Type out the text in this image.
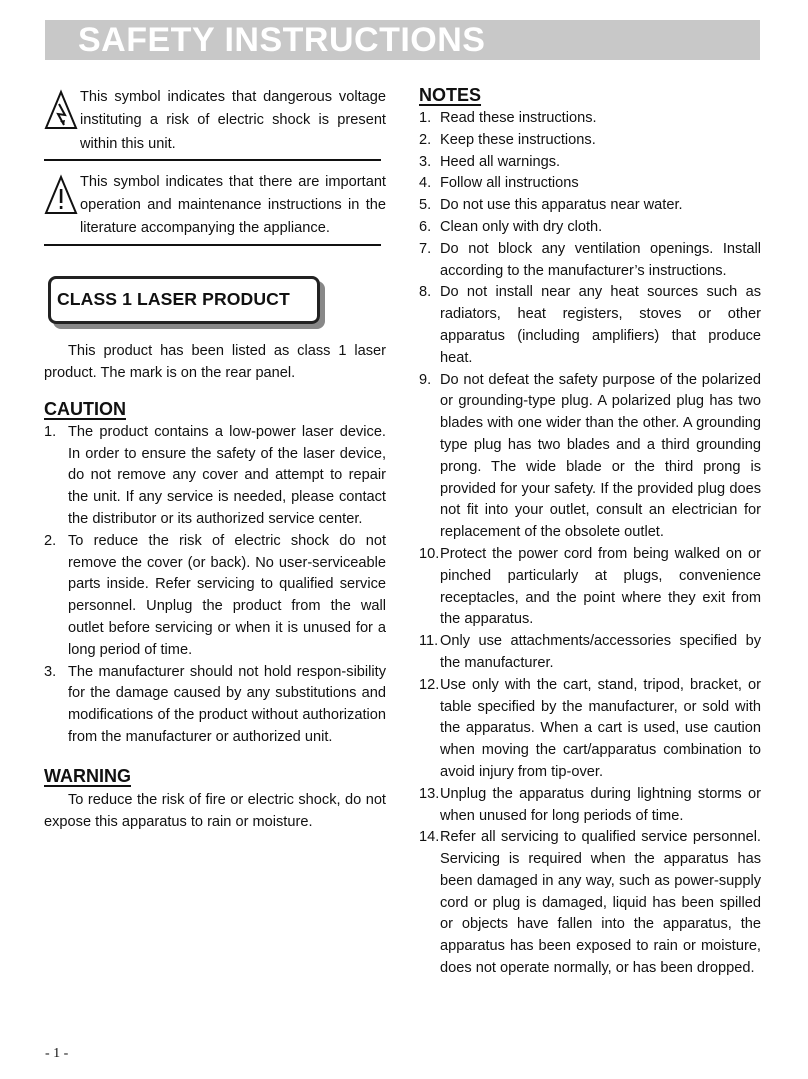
SAFETY INSTRUCTIONS
This symbol indicates that dangerous voltage instituting a risk of electric shock is present within this unit.
This symbol indicates that there are important operation and maintenance instructions in the literature accompanying the appliance.
CLASS 1 LASER PRODUCT

This product has been listed as class 1 laser product. The mark is on the rear panel.

CAUTION
1. The product contains a low-power laser device. In order to ensure the safety of the laser device, do not remove any cover and attempt to repair the unit. If any service is needed, please contact the distributor or its authorized service center.
2. To reduce the risk of electric shock do not remove the cover (or back). No user-serviceable parts inside. Refer servicing to qualified service personnel. Unplug the product from the wall outlet before servicing or when it is unused for a long period of time.
3. The manufacturer should not hold respon-sibility for the damage caused by any substitutions and modifications of the product without authorization from the manufacturer or authorized unit.
WARNING

To reduce the risk of fire or electric shock, do not expose this apparatus to rain or moisture.

NOTES
1. Read these instructions.
2. Keep these instructions.
3. Heed all warnings.
4. Follow all instructions
5. Do not use this apparatus near water.
6. Clean only with dry cloth.
7. Do not block any ventilation openings. Install according to the manufacturer’s instructions.
8. Do not install near any heat sources such as radiators, heat registers, stoves or other apparatus (including amplifiers) that produce heat.
9. Do not defeat the safety purpose of the polarized or grounding-type plug. A polarized plug has two blades with one wider than the other. A grounding type plug has two blades and a third grounding prong. The wide blade or the third prong is provided for your safety. If the provided plug does not fit into your outlet, consult an electrician for replacement of the obsolete outlet.
10. Protect the power cord from being walked on or pinched particularly at plugs, convenience receptacles, and the point where they exit from the apparatus.
11. Only use attachments/accessories specified by the manufacturer.
12. Use only with the cart, stand, tripod, bracket, or table specified by the manufacturer, or sold with the apparatus. When a cart is used, use caution when moving the cart/apparatus combination to avoid injury from tip-over.
13. Unplug the apparatus during lightning storms or when unused for long periods of time.
14. Refer all servicing to qualified service personnel. Servicing is required when the apparatus has been damaged in any way, such as power-supply cord or plug is damaged, liquid has been spilled or objects have fallen into the apparatus, the apparatus has been exposed to rain or moisture, does not operate normally, or has been dropped.
- 1 -
